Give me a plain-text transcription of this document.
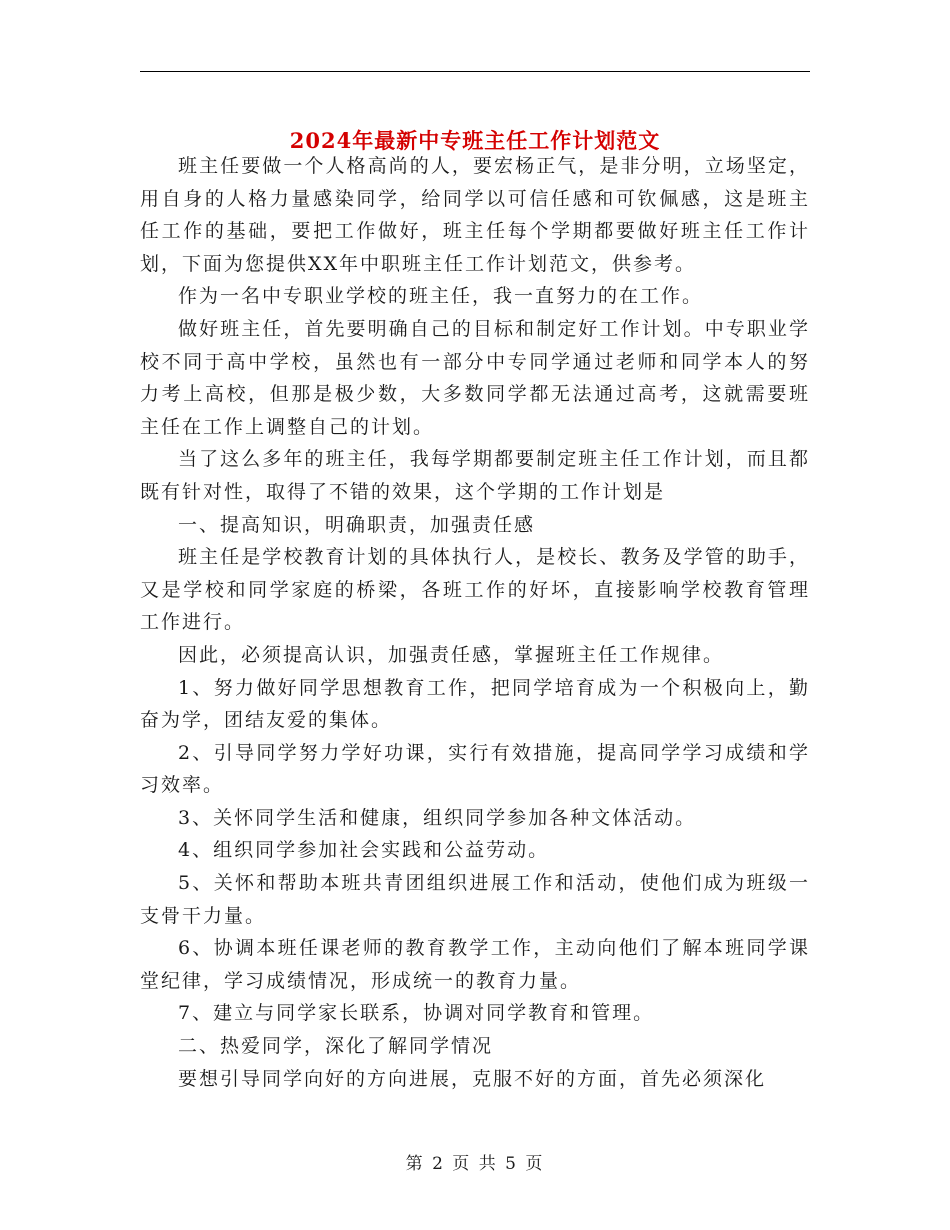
2024年最新中专班主任工作计划范文

班主任要做一个人格高尚的人，要宏杨正气，是非分明，立场坚定，用自身的人格力量感染同学，给同学以可信任感和可钦佩感，这是班主任工作的基础，要把工作做好，班主任每个学期都要做好班主任工作计划，下面为您提供XX年中职班主任工作计划范文，供参考。

作为一名中专职业学校的班主任，我一直努力的在工作。

做好班主任，首先要明确自己的目标和制定好工作计划。中专职业学校不同于高中学校，虽然也有一部分中专同学通过老师和同学本人的努力考上高校，但那是极少数，大多数同学都无法通过高考，这就需要班主任在工作上调整自己的计划。

当了这么多年的班主任，我每学期都要制定班主任工作计划，而且都既有针对性，取得了不错的效果，这个学期的工作计划是

一、提高知识，明确职责，加强责任感

班主任是学校教育计划的具体执行人，是校长、教务及学管的助手，又是学校和同学家庭的桥梁，各班工作的好坏，直接影响学校教育管理工作进行。

因此，必须提高认识，加强责任感，掌握班主任工作规律。

1、努力做好同学思想教育工作，把同学培育成为一个积极向上，勤奋为学，团结友爱的集体。

2、引导同学努力学好功课，实行有效措施，提高同学学习成绩和学习效率。

3、关怀同学生活和健康，组织同学参加各种文体活动。

4、组织同学参加社会实践和公益劳动。

5、关怀和帮助本班共青团组织进展工作和活动，使他们成为班级一支骨干力量。

6、协调本班任课老师的教育教学工作，主动向他们了解本班同学课堂纪律，学习成绩情况，形成统一的教育力量。

7、建立与同学家长联系，协调对同学教育和管理。

二、热爱同学，深化了解同学情况

要想引导同学向好的方向进展，克服不好的方面，首先必须深化

第 2 页 共 5 页
